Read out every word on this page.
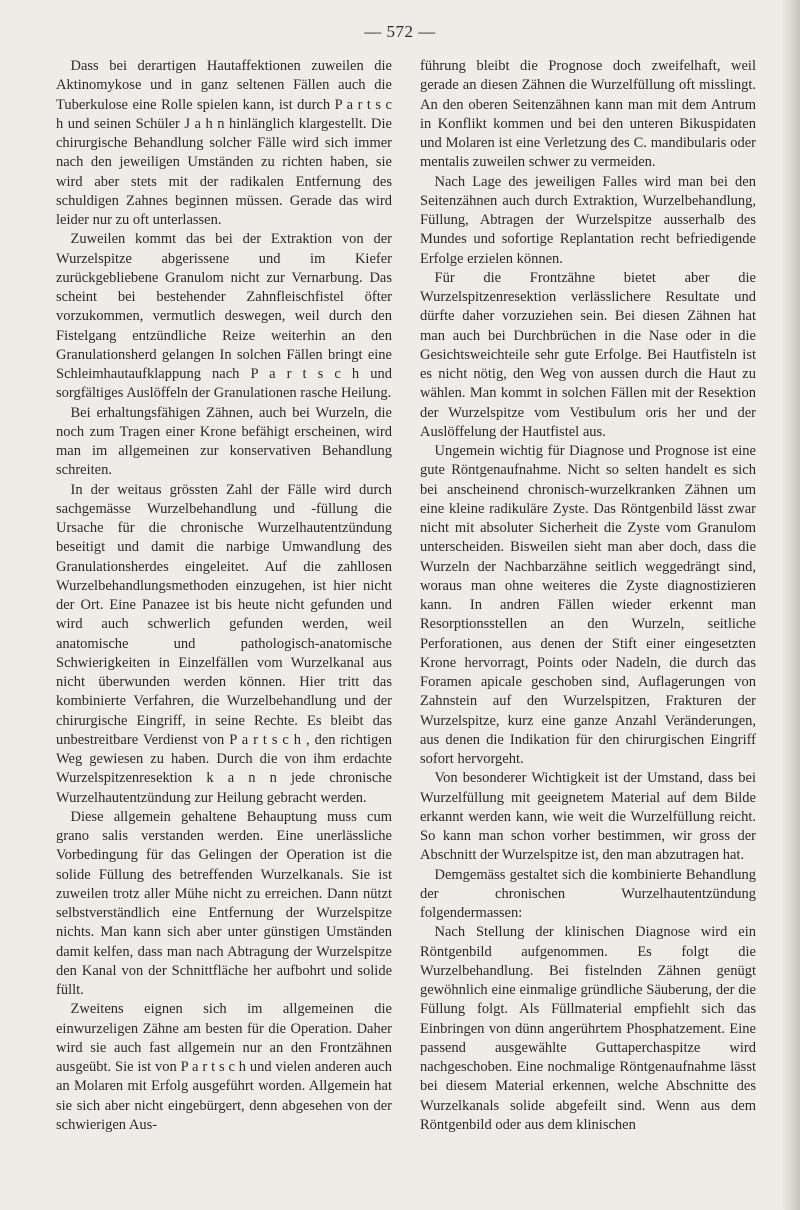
— 572 —

Dass bei derartigen Hautaffektionen zuweilen die Aktinomykose und in ganz seltenen Fällen auch die Tuberkulose eine Rolle spielen kann, ist durch P a r t s c h und seinen Schüler J a h n hinlänglich klargestellt. Die chirurgische Behandlung solcher Fälle wird sich immer nach den jeweiligen Umständen zu richten haben, sie wird aber stets mit der radikalen Entfernung des schuldigen Zahnes beginnen müssen. Gerade das wird leider nur zu oft unterlassen.

Zuweilen kommt das bei der Extraktion von der Wurzelspitze abgerissene und im Kiefer zurückgebliebene Granulom nicht zur Vernarbung. Das scheint bei bestehender Zahnfleischfistel öfter vorzukommen, vermutlich deswegen, weil durch den Fistelgang entzündliche Reize weiterhin an den Granulationsherd gelangen In solchen Fällen bringt eine Schleimhautaufklappung nach P a r t s c h und sorgfältiges Auslöffeln der Granulationen rasche Heilung.

Bei erhaltungsfähigen Zähnen, auch bei Wurzeln, die noch zum Tragen einer Krone befähigt erscheinen, wird man im allgemeinen zur konservativen Behandlung schreiten.

In der weitaus grössten Zahl der Fälle wird durch sachgemässe Wurzelbehandlung und -füllung die Ursache für die chronische Wurzelhautentzündung beseitigt und damit die narbige Umwandlung des Granulationsherdes eingeleitet. Auf die zahllosen Wurzelbehandlungsmethoden einzugehen, ist hier nicht der Ort. Eine Panazee ist bis heute nicht gefunden und wird auch schwerlich gefunden werden, weil anatomische und pathologisch-anatomische Schwierigkeiten in Einzelfällen vom Wurzelkanal aus nicht überwunden werden können. Hier tritt das kombinierte Verfahren, die Wurzelbehandlung und der chirurgische Eingriff, in seine Rechte. Es bleibt das unbestreitbare Verdienst von P a r t s c h , den richtigen Weg gewiesen zu haben. Durch die von ihm erdachte Wurzelspitzenresektion k a n n jede chronische Wurzelhautentzündung zur Heilung gebracht werden.

Diese allgemein gehaltene Behauptung muss cum grano salis verstanden werden. Eine unerlässliche Vorbedingung für das Gelingen der Operation ist die solide Füllung des betreffenden Wurzelkanals. Sie ist zuweilen trotz aller Mühe nicht zu erreichen. Dann nützt selbstverständlich eine Entfernung der Wurzelspitze nichts. Man kann sich aber unter günstigen Umständen damit kelfen, dass man nach Abtragung der Wurzelspitze den Kanal von der Schnittfläche her aufbohrt und solide füllt.

Zweitens eignen sich im allgemeinen die einwurzeligen Zähne am besten für die Operation. Daher wird sie auch fast allgemein nur an den Frontzähnen ausgeübt. Sie ist von P a r t s c h und vielen anderen auch an Molaren mit Erfolg ausgeführt worden. Allgemein hat sie sich aber nicht eingebürgert, denn abgesehen von der schwierigen Aus-

führung bleibt die Prognose doch zweifelhaft, weil gerade an diesen Zähnen die Wurzelfüllung oft misslingt. An den oberen Seitenzähnen kann man mit dem Antrum in Konflikt kommen und bei den unteren Bikuspidaten und Molaren ist eine Verletzung des C. mandibularis oder mentalis zuweilen schwer zu vermeiden.

Nach Lage des jeweiligen Falles wird man bei den Seitenzähnen auch durch Extraktion, Wurzelbehandlung, Füllung, Abtragen der Wurzelspitze ausserhalb des Mundes und sofortige Replantation recht befriedigende Erfolge erzielen können.

Für die Frontzähne bietet aber die Wurzelspitzenresektion verlässlichere Resultate und dürfte daher vorzuziehen sein. Bei diesen Zähnen hat man auch bei Durchbrüchen in die Nase oder in die Gesichtsweichteile sehr gute Erfolge. Bei Hautfisteln ist es nicht nötig, den Weg von aussen durch die Haut zu wählen. Man kommt in solchen Fällen mit der Resektion der Wurzelspitze vom Vestibulum oris her und der Auslöffelung der Hautfistel aus.

Ungemein wichtig für Diagnose und Prognose ist eine gute Röntgenaufnahme. Nicht so selten handelt es sich bei anscheinend chronisch-wurzelkranken Zähnen um eine kleine radikuläre Zyste. Das Röntgenbild lässt zwar nicht mit absoluter Sicherheit die Zyste vom Granulom unterscheiden. Bisweilen sieht man aber doch, dass die Wurzeln der Nachbarzähne seitlich weggedrängt sind, woraus man ohne weiteres die Zyste diagnostizieren kann. In andren Fällen wieder erkennt man Resorptionsstellen an den Wurzeln, seitliche Perforationen, aus denen der Stift einer eingesetzten Krone hervorragt, Points oder Nadeln, die durch das Foramen apicale geschoben sind, Auflagerungen von Zahnstein auf den Wurzelspitzen, Frakturen der Wurzelspitze, kurz eine ganze Anzahl Veränderungen, aus denen die Indikation für den chirurgischen Eingriff sofort hervorgeht.

Von besonderer Wichtigkeit ist der Umstand, dass bei Wurzelfüllung mit geeignetem Material auf dem Bilde erkannt werden kann, wie weit die Wurzelfüllung reicht. So kann man schon vorher bestimmen, wir gross der Abschnitt der Wurzelspitze ist, den man abzutragen hat.

Demgemäss gestaltet sich die kombinierte Behandlung der chronischen Wurzelhautentzündung folgendermassen:

Nach Stellung der klinischen Diagnose wird ein Röntgenbild aufgenommen. Es folgt die Wurzelbehandlung. Bei fistelnden Zähnen genügt gewöhnlich eine einmalige gründliche Säuberung, der die Füllung folgt. Als Füllmaterial empfiehlt sich das Einbringen von dünn angerührtem Phosphatzement. Eine passend ausgewählte Guttaperchaspitze wird nachgeschoben. Eine nochmalige Röntgenaufnahme lässt bei diesem Material erkennen, welche Abschnitte des Wurzelkanals solide abgefeilt sind. Wenn aus dem Röntgenbild oder aus dem klinischen
